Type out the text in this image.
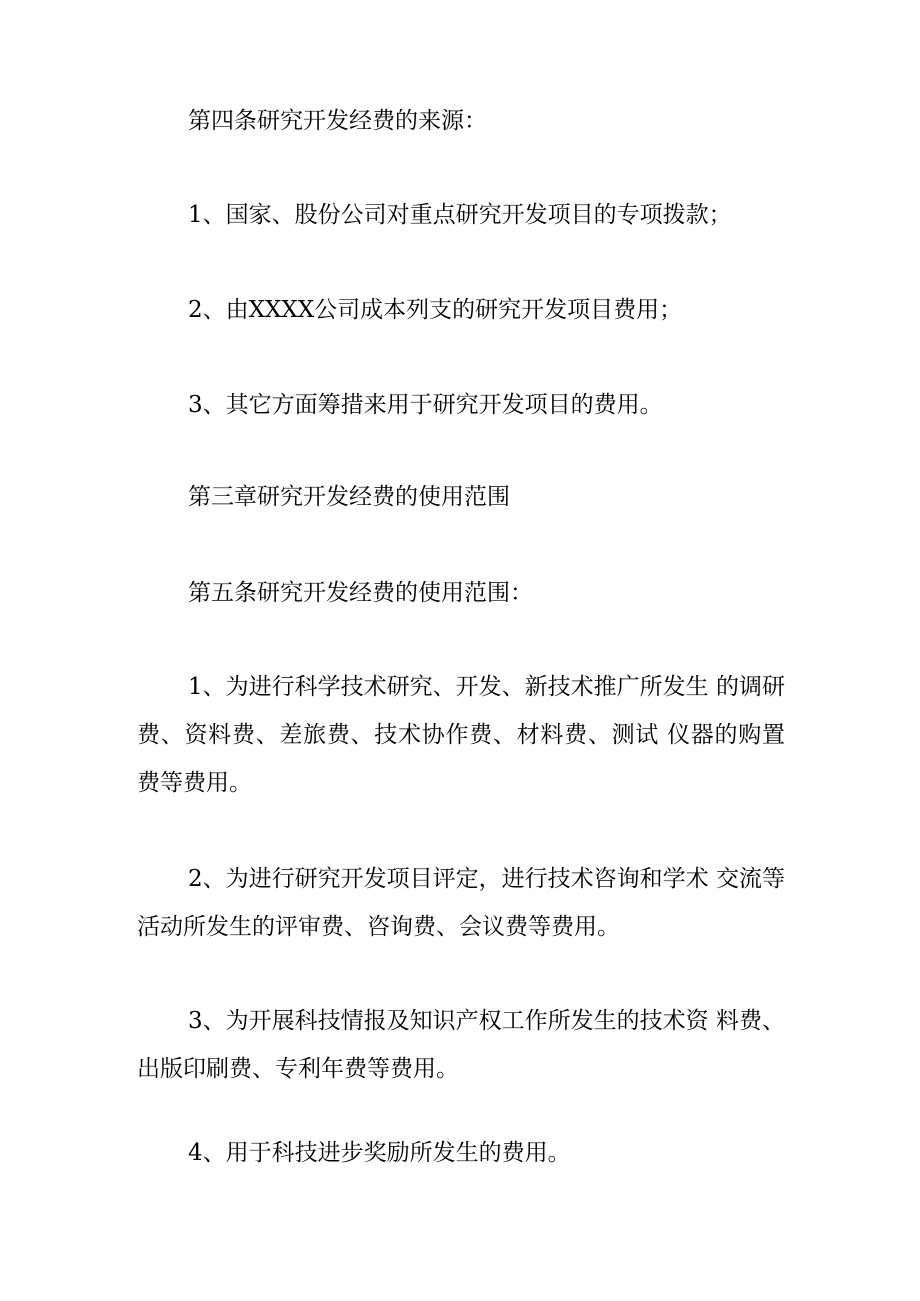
第四条研究开发经费的来源：
1、国家、股份公司对重点研究开发项目的专项拨款；
2、由XXXX公司成本列支的研究开发项目费用；
3、其它方面筹措来用于研究开发项目的费用。
第三章研究开发经费的使用范围
第五条研究开发经费的使用范围：
1、为进行科学技术研究、开发、新技术推广所发生 的调研费、资料费、差旅费、技术协作费、材料费、测试 仪器的购置费等费用。
2、为进行研究开发项目评定，进行技术咨询和学术 交流等活动所发生的评审费、咨询费、会议费等费用。
3、为开展科技情报及知识产权工作所发生的技术资 料费、出版印刷费、专利年费等费用。
4、用于科技进步奖励所发生的费用。
